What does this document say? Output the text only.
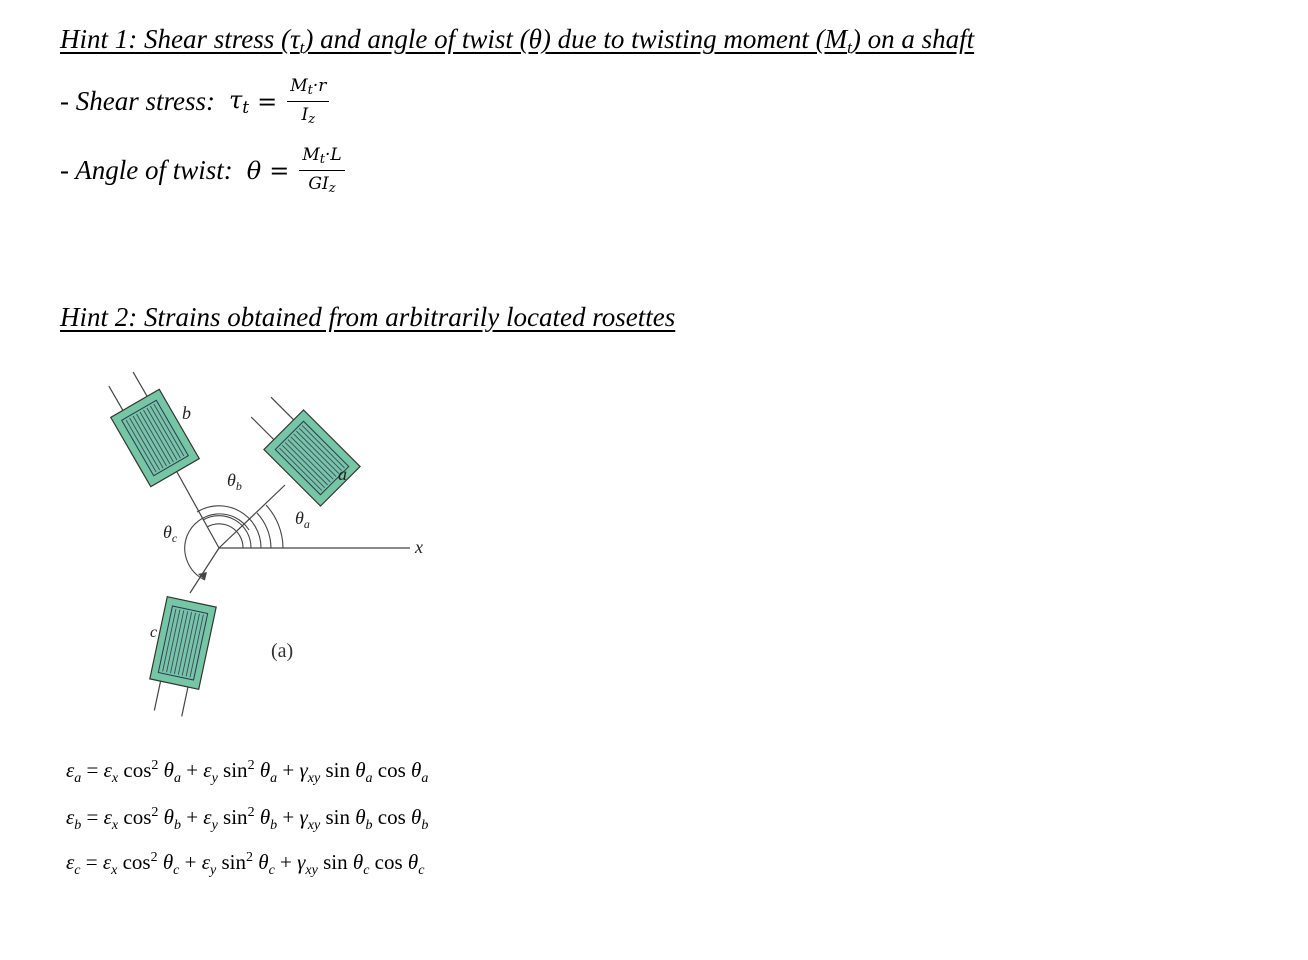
Hint 1: Shear stress $(\tau_t)$ and angle of twist (θ) due to twisting moment $(M_t)$ on a shaft
- Shear stress: $\tau_t = \frac{M_t\cdot r}{I_z}$
- Angle of twist: $\theta = \frac{M_t\cdot L}{GI_z}$
Hint 2: Strains obtained from arbitrarily located rosettes
a
b
c
$\theta_b$
$\theta_a$
$\theta_c$	x
(a)
$\varepsilon_a = \varepsilon_x$ $\cos^2 \theta_a + \varepsilon_y$ $\sin^2 \theta_a + \gamma_{xy}$ $\sin \theta_a$ $\cos \theta_a$
$\varepsilon_b = \varepsilon_x$ $\cos^2 \theta_b + \varepsilon_y$ $\sin^2 \theta_b + \gamma_{xy}$ $\sin \theta_b$ $\cos \theta_b$
$\varepsilon_c = \varepsilon_x$ $\cos^2 \theta_c + \varepsilon_y$ $\sin^2 \theta_c + \gamma_{xy}$ $\sin \theta_c$ $\cos \theta_c$
